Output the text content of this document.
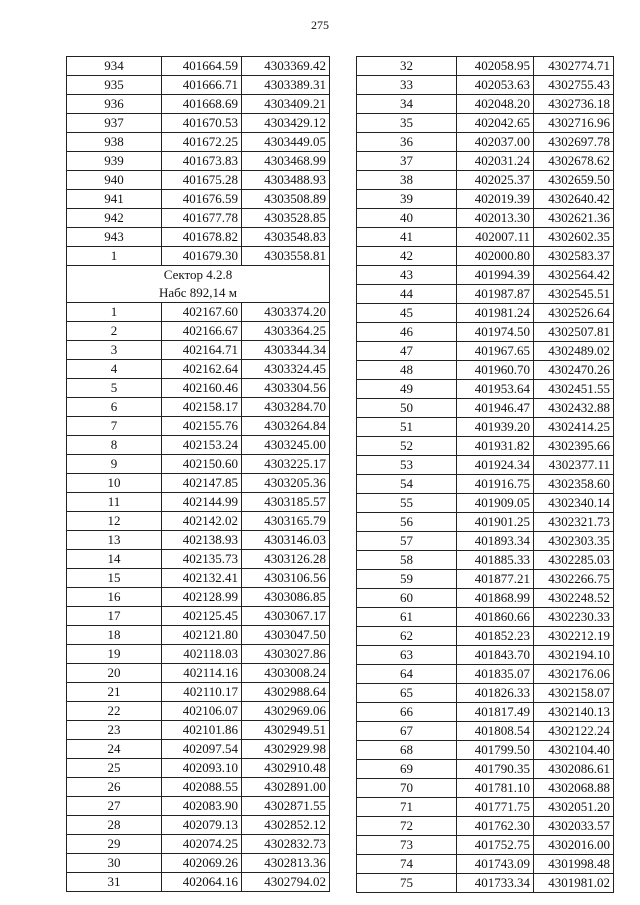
275
934	401664.59	4303369.42
935	401666.71	4303389.31
936	401668.69	4303409.21
937	401670.53	4303429.12
938	401672.25	4303449.05
939	401673.83	4303468.99
940	401675.28	4303488.93
941	401676.59	4303508.89
942	401677.78	4303528.85
943	401678.82	4303548.83
1	401679.30	4303558.81
Сектор 4.2.8		
Набс 892,14 м		
1	402167.60	4303374.20
2	402166.67	4303364.25
3	402164.71	4303344.34
4	402162.64	4303324.45
5	402160.46	4303304.56
6	402158.17	4303284.70
7	402155.76	4303264.84
8	402153.24	4303245.00
9	402150.60	4303225.17
10	402147.85	4303205.36
11	402144.99	4303185.57
12	402142.02	4303165.79
13	402138.93	4303146.03
14	402135.73	4303126.28
15	402132.41	4303106.56
16	402128.99	4303086.85
17	402125.45	4303067.17
18	402121.80	4303047.50
19	402118.03	4303027.86
20	402114.16	4303008.24
21	402110.17	4302988.64
22	402106.07	4302969.06
23	402101.86	4302949.51
24	402097.54	4302929.98
25	402093.10	4302910.48
26	402088.55	4302891.00
27	402083.90	4302871.55
28	402079.13	4302852.12
29	402074.25	4302832.73
30	402069.26	4302813.36
31	402064.16	4302794.02
32	402058.95	4302774.71
33	402053.63	4302755.43
34	402048.20	4302736.18
35	402042.65	4302716.96
36	402037.00	4302697.78
37	402031.24	4302678.62
38	402025.37	4302659.50
39	402019.39	4302640.42
40	402013.30	4302621.36
41	402007.11	4302602.35
42	402000.80	4302583.37
43	401994.39	4302564.42
44	401987.87	4302545.51
45	401981.24	4302526.64
46	401974.50	4302507.81
47	401967.65	4302489.02
48	401960.70	4302470.26
49	401953.64	4302451.55
50	401946.47	4302432.88
51	401939.20	4302414.25
52	401931.82	4302395.66
53	401924.34	4302377.11
54	401916.75	4302358.60
55	401909.05	4302340.14
56	401901.25	4302321.73
57	401893.34	4302303.35
58	401885.33	4302285.03
59	401877.21	4302266.75
60	401868.99	4302248.52
61	401860.66	4302230.33
62	401852.23	4302212.19
63	401843.70	4302194.10
64	401835.07	4302176.06
65	401826.33	4302158.07
66	401817.49	4302140.13
67	401808.54	4302122.24
68	401799.50	4302104.40
69	401790.35	4302086.61
70	401781.10	4302068.88
71	401771.75	4302051.20
72	401762.30	4302033.57
73	401752.75	4302016.00
74	401743.09	4301998.48
75	401733.34	4301981.02
